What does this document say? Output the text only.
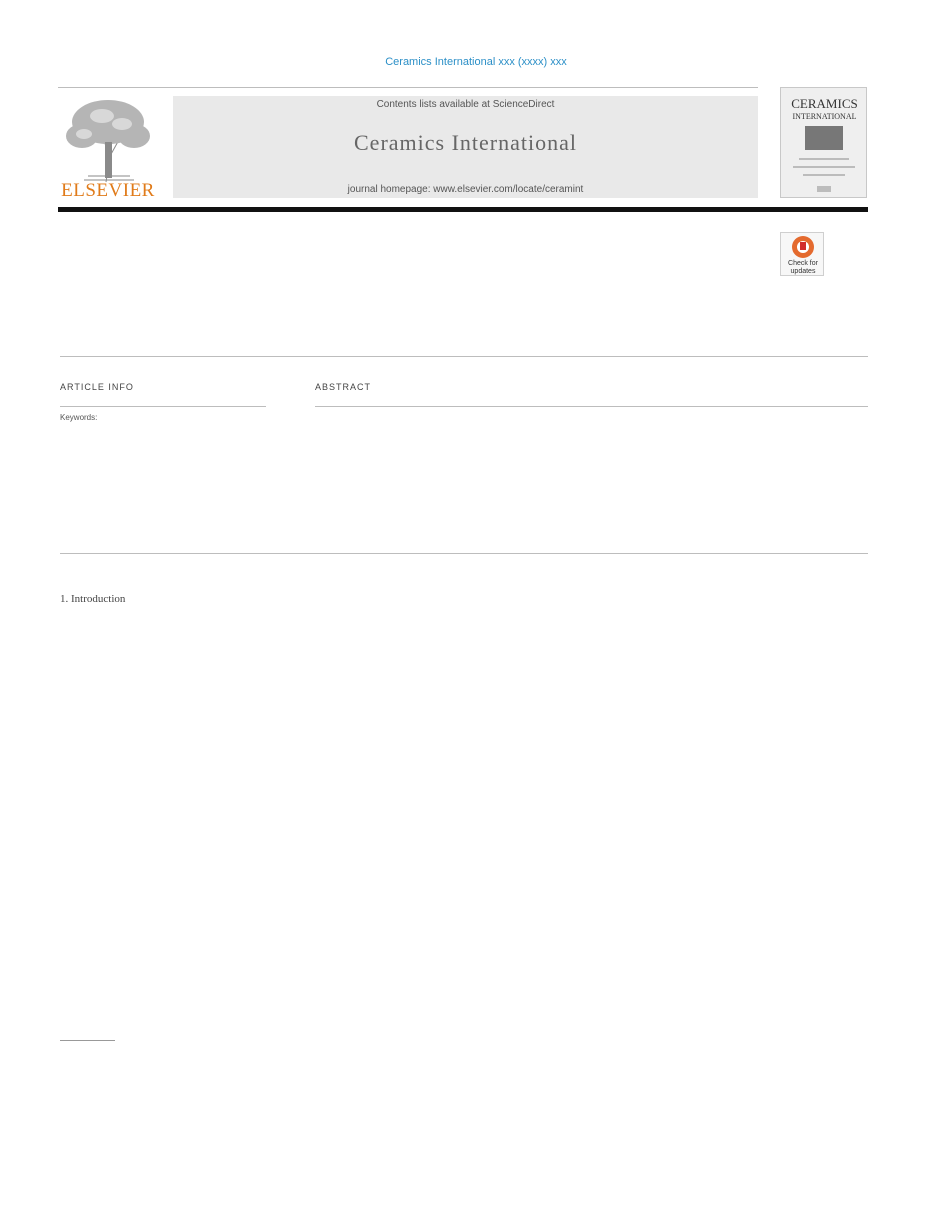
Ceramics International xxx (xxxx) xxx
ELSEVIER
Contents lists available at ScienceDirect
Ceramics International
journal homepage: www.elsevier.com/locate/ceramint
CERAMICS
INTERNATIONAL
Check for updates
ARTICLE INFO	ABSTRACT
Keywords:
1. Introduction
